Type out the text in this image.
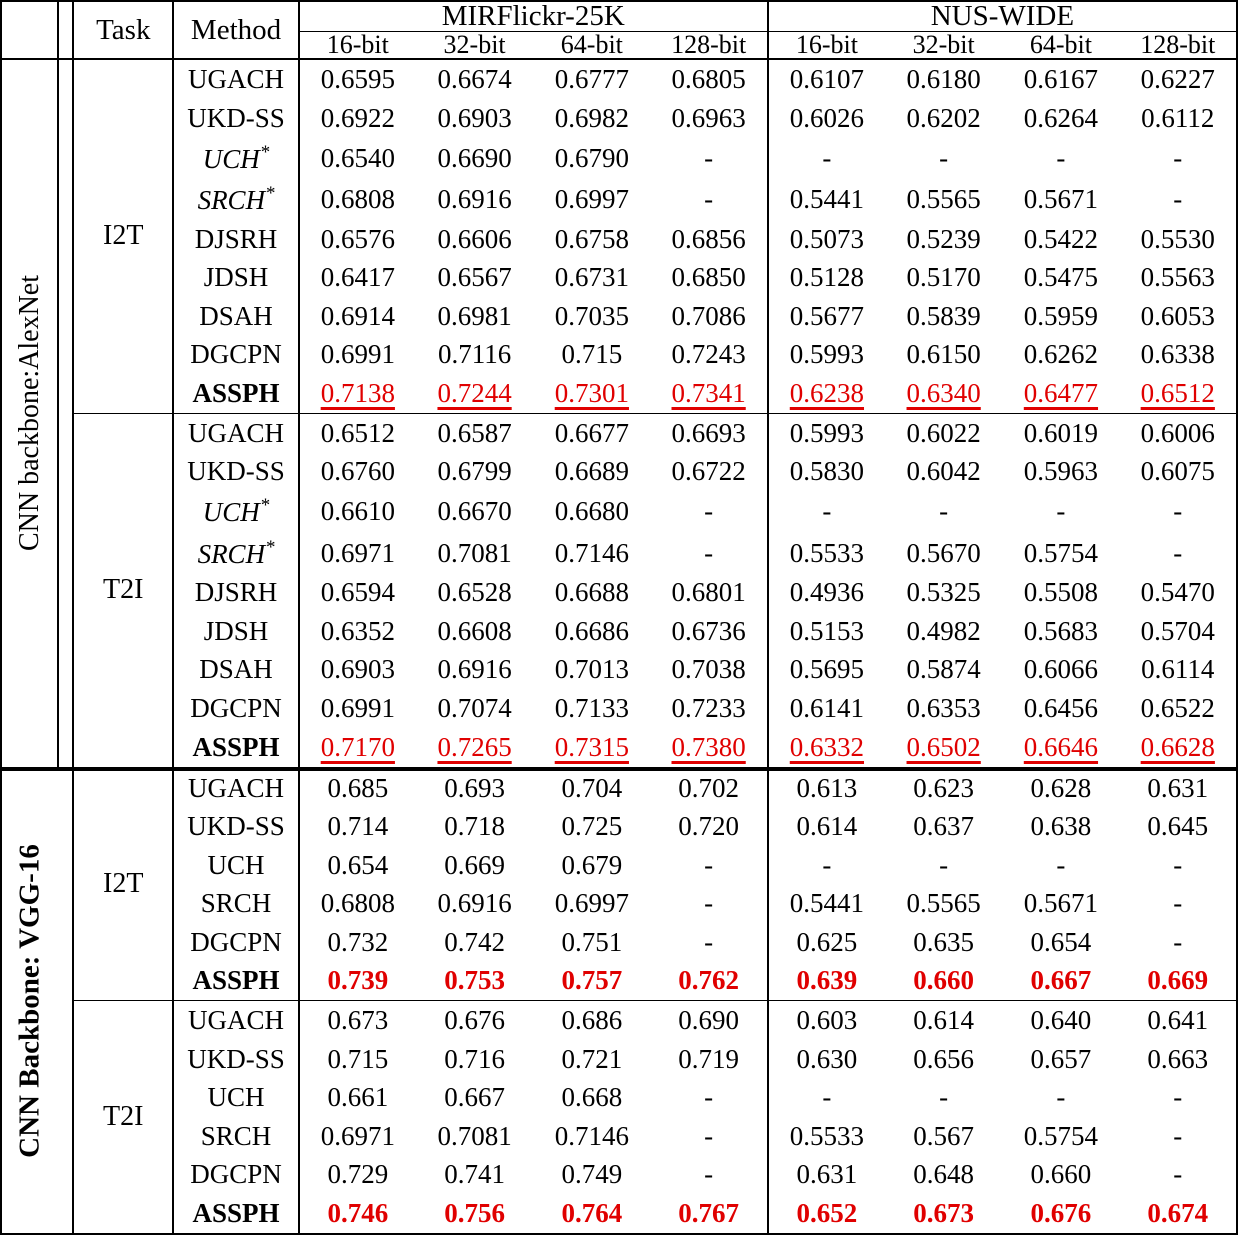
		Task	Method	MIRFlickr-25K				NUS-WIDE			
				16-bit	32-bit	64-bit	128-bit	16-bit	32-bit	64-bit	128-bit

CNN backbone:AlexNet		I2T	UGACH	0.6595	0.6674	0.6777	0.6805	0.6107	0.6180	0.6167	0.6227
			UKD-SS	0.6922	0.6903	0.6982	0.6963	0.6026	0.6202	0.6264	0.6112
			UCH*	0.6540	0.6690	0.6790	-	-	-	-	-
			SRCH*	0.6808	0.6916	0.6997	-	0.5441	0.5565	0.5671	-
			DJSRH	0.6576	0.6606	0.6758	0.6856	0.5073	0.5239	0.5422	0.5530
			JDSH	0.6417	0.6567	0.6731	0.6850	0.5128	0.5170	0.5475	0.5563
			DSAH	0.6914	0.6981	0.7035	0.7086	0.5677	0.5839	0.5959	0.6053
			DGCPN	0.6991	0.7116	0.715	0.7243	0.5993	0.6150	0.6262	0.6338
			ASSPH	0.7138	0.7244	0.7301	0.7341	0.6238	0.6340	0.6477	0.6512
		T2I	UGACH	0.6512	0.6587	0.6677	0.6693	0.5993	0.6022	0.6019	0.6006
			UKD-SS	0.6760	0.6799	0.6689	0.6722	0.5830	0.6042	0.5963	0.6075
			UCH*	0.6610	0.6670	0.6680	-	-	-	-	-
			SRCH*	0.6971	0.7081	0.7146	-	0.5533	0.5670	0.5754	-
			DJSRH	0.6594	0.6528	0.6688	0.6801	0.4936	0.5325	0.5508	0.5470
			JDSH	0.6352	0.6608	0.6686	0.6736	0.5153	0.4982	0.5683	0.5704
			DSAH	0.6903	0.6916	0.7013	0.7038	0.5695	0.5874	0.6066	0.6114
			DGCPN	0.6991	0.7074	0.7133	0.7233	0.6141	0.6353	0.6456	0.6522
			ASSPH	0.7170	0.7265	0.7315	0.7380	0.6332	0.6502	0.6646	0.6628

CNN Backbone: VGG-16		I2T	UGACH	0.685	0.693	0.704	0.702	0.613	0.623	0.628	0.631
			UKD-SS	0.714	0.718	0.725	0.720	0.614	0.637	0.638	0.645
			UCH	0.654	0.669	0.679	-	-	-	-	-
			SRCH	0.6808	0.6916	0.6997	-	0.5441	0.5565	0.5671	-
			DGCPN	0.732	0.742	0.751	-	0.625	0.635	0.654	-
			ASSPH	0.739	0.753	0.757	0.762	0.639	0.660	0.667	0.669
		T2I	UGACH	0.673	0.676	0.686	0.690	0.603	0.614	0.640	0.641
			UKD-SS	0.715	0.716	0.721	0.719	0.630	0.656	0.657	0.663
			UCH	0.661	0.667	0.668	-	-	-	-	-
			SRCH	0.6971	0.7081	0.7146	-	0.5533	0.567	0.5754	-
			DGCPN	0.729	0.741	0.749	-	0.631	0.648	0.660	-
			ASSPH	0.746	0.756	0.764	0.767	0.652	0.673	0.676	0.674
